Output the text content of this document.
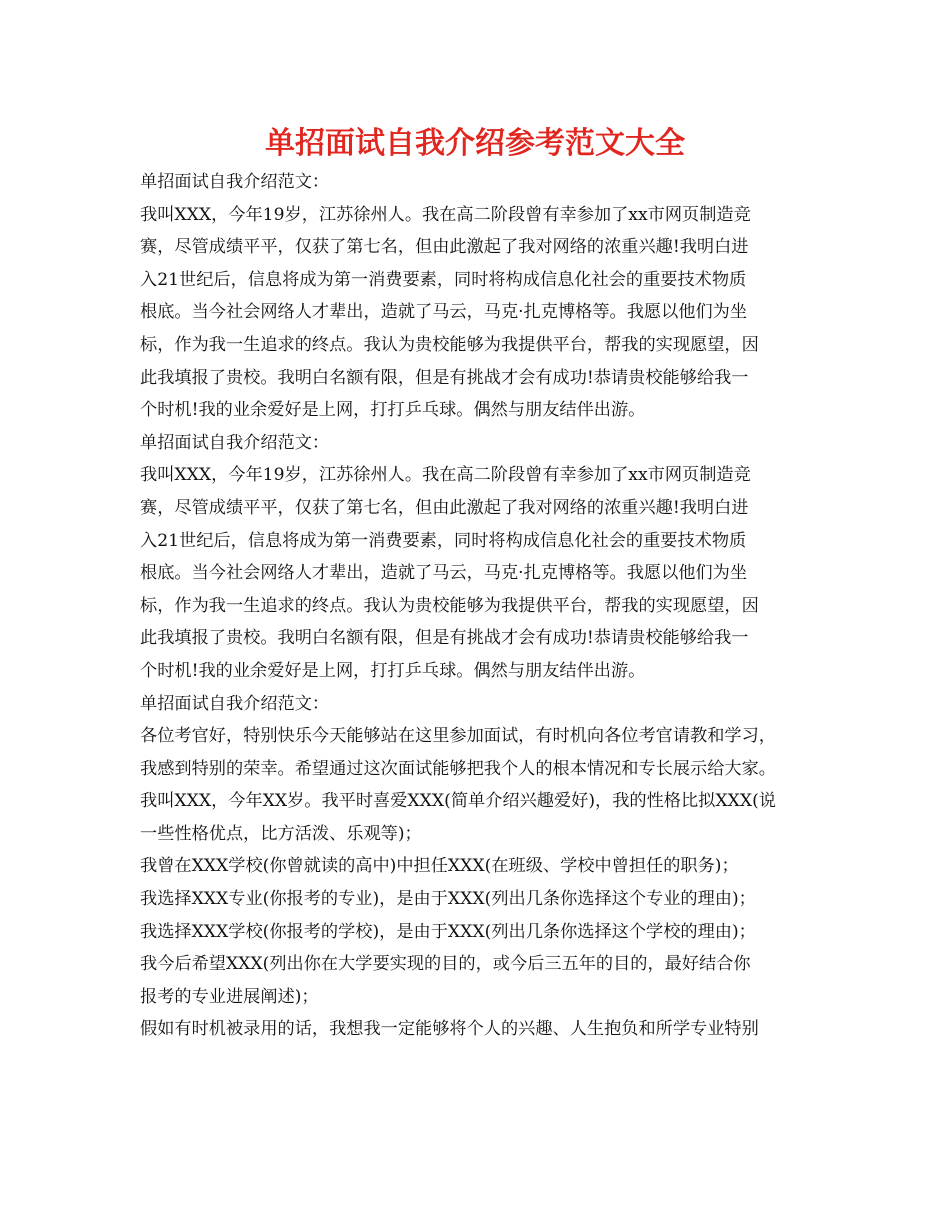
单招面试自我介绍参考范文大全
单招面试自我介绍范文：
我叫XXX，今年19岁，江苏徐州人。我在高二阶段曾有幸参加了xx市网页制造竞
赛，尽管成绩平平，仅获了第七名，但由此激起了我对网络的浓重兴趣!我明白进
入21世纪后，信息将成为第一消费要素，同时将构成信息化社会的重要技术物质
根底。当今社会网络人才辈出，造就了马云，马克·扎克博格等。我愿以他们为坐
标，作为我一生追求的终点。我认为贵校能够为我提供平台，帮我的实现愿望，因
此我填报了贵校。我明白名额有限，但是有挑战才会有成功!恭请贵校能够给我一
个时机!我的业余爱好是上网，打打乒乓球。偶然与朋友结伴出游。
单招面试自我介绍范文：
我叫XXX，今年19岁，江苏徐州人。我在高二阶段曾有幸参加了xx市网页制造竞
赛，尽管成绩平平，仅获了第七名，但由此激起了我对网络的浓重兴趣!我明白进
入21世纪后，信息将成为第一消费要素，同时将构成信息化社会的重要技术物质
根底。当今社会网络人才辈出，造就了马云，马克·扎克博格等。我愿以他们为坐
标，作为我一生追求的终点。我认为贵校能够为我提供平台，帮我的实现愿望，因
此我填报了贵校。我明白名额有限，但是有挑战才会有成功!恭请贵校能够给我一
个时机!我的业余爱好是上网，打打乒乓球。偶然与朋友结伴出游。
单招面试自我介绍范文：
各位考官好，特别快乐今天能够站在这里参加面试，有时机向各位考官请教和学习，
我感到特别的荣幸。希望通过这次面试能够把我个人的根本情况和专长展示给大家。
我叫XXX，今年XX岁。我平时喜爱XXX(简单介绍兴趣爱好)，我的性格比拟XXX(说
一些性格优点，比方活泼、乐观等)；
我曾在XXX学校(你曾就读的高中)中担任XXX(在班级、学校中曾担任的职务)；
我选择XXX专业(你报考的专业)，是由于XXX(列出几条你选择这个专业的理由)；
我选择XXX学校(你报考的学校)，是由于XXX(列出几条你选择这个学校的理由)；
我今后希望XXX(列出你在大学要实现的目的，或今后三五年的目的，最好结合你
报考的专业进展阐述)；
假如有时机被录用的话，我想我一定能够将个人的兴趣、人生抱负和所学专业特别
